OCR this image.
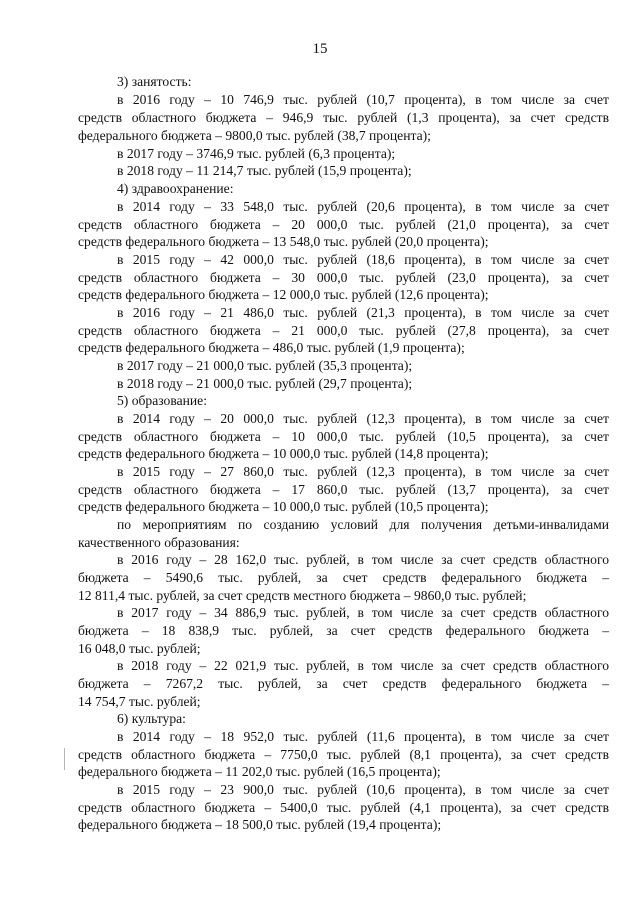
15
3) занятость:
в 2016 году – 10 746,9 тыс. рублей (10,7 процента), в том числе за счет
средств областного бюджета – 946,9 тыс. рублей (1,3 процента), за счет средств
федерального бюджета – 9800,0 тыс. рублей (38,7 процента);
в 2017 году – 3746,9 тыс. рублей (6,3 процента);
в 2018 году – 11 214,7 тыс. рублей (15,9 процента);
4) здравоохранение:
в 2014 году – 33 548,0 тыс. рублей (20,6 процента), в том числе за счет
средств областного бюджета – 20 000,0 тыс. рублей (21,0 процента), за счет
средств федерального бюджета – 13 548,0 тыс. рублей (20,0 процента);
в 2015 году – 42 000,0 тыс. рублей (18,6 процента), в том числе за счет
средств областного бюджета – 30 000,0 тыс. рублей (23,0 процента), за счет
средств федерального бюджета – 12 000,0 тыс. рублей (12,6 процента);
в 2016 году – 21 486,0 тыс. рублей (21,3 процента), в том числе за счет
средств областного бюджета – 21 000,0 тыс. рублей (27,8 процента), за счет
средств федерального бюджета – 486,0 тыс. рублей (1,9 процента);
в 2017 году – 21 000,0 тыс. рублей (35,3 процента);
в 2018 году – 21 000,0 тыс. рублей (29,7 процента);
5) образование:
в 2014 году – 20 000,0 тыс. рублей (12,3 процента), в том числе за счет
средств областного бюджета – 10 000,0 тыс. рублей (10,5 процента), за счет
средств федерального бюджета – 10 000,0 тыс. рублей (14,8 процента);
в 2015 году – 27 860,0 тыс. рублей (12,3 процента), в том числе за счет
средств областного бюджета – 17 860,0 тыс. рублей (13,7 процента), за счет
средств федерального бюджета – 10 000,0 тыс. рублей (10,5 процента);
по мероприятиям по созданию условий для получения детьми-инвалидами
качественного образования:
в 2016 году – 28 162,0 тыс. рублей, в том числе за счет средств областного
бюджета – 5490,6 тыс. рублей, за счет средств федерального бюджета –
12 811,4 тыс. рублей, за счет средств местного бюджета – 9860,0 тыс. рублей;
в 2017 году – 34 886,9 тыс. рублей, в том числе за счет средств областного
бюджета – 18 838,9 тыс. рублей, за счет средств федерального бюджета –
16 048,0 тыс. рублей;
в 2018 году – 22 021,9 тыс. рублей, в том числе за счет средств областного
бюджета – 7267,2 тыс. рублей, за счет средств федерального бюджета –
14 754,7 тыс. рублей;
6) культура:
в 2014 году – 18 952,0 тыс. рублей (11,6 процента), в том числе за счет
средств областного бюджета – 7750,0 тыс. рублей (8,1 процента), за счет средств
федерального бюджета – 11 202,0 тыс. рублей (16,5 процента);
в 2015 году – 23 900,0 тыс. рублей (10,6 процента), в том числе за счет
средств областного бюджета – 5400,0 тыс. рублей (4,1 процента), за счет средств
федерального бюджета – 18 500,0 тыс. рублей (19,4 процента);
